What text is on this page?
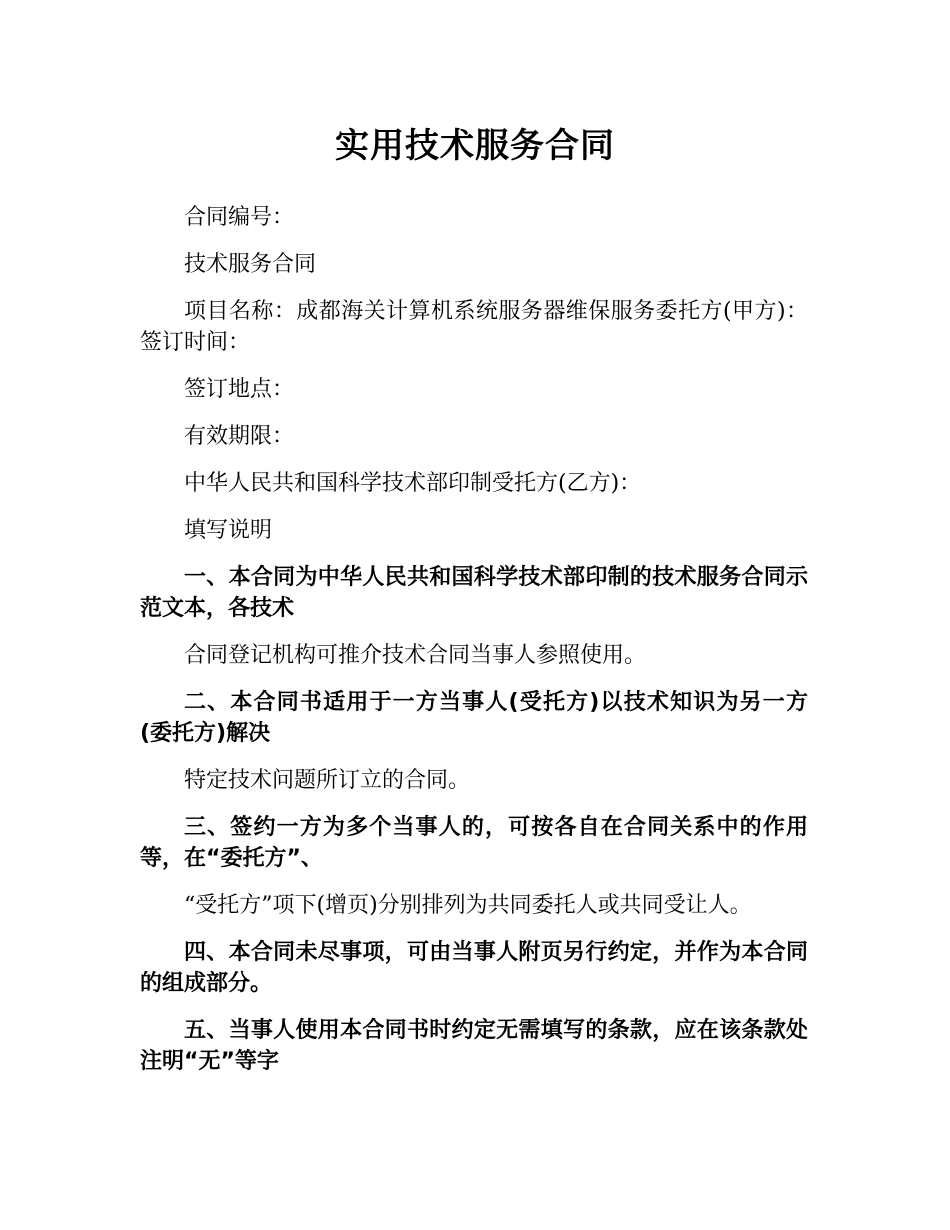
实用技术服务合同

合同编号：

技术服务合同

项目名称：成都海关计算机系统服务器维保服务委托方(甲方)：签订时间：

签订地点：

有效期限：

中华人民共和国科学技术部印制受托方(乙方)：

填写说明

一、本合同为中华人民共和国科学技术部印制的技术服务合同示范文本，各技术

合同登记机构可推介技术合同当事人参照使用。

二、本合同书适用于一方当事人(受托方)以技术知识为另一方(委托方)解决

特定技术问题所订立的合同。

三、签约一方为多个当事人的，可按各自在合同关系中的作用等，在“委托方”、

“受托方”项下(增页)分别排列为共同委托人或共同受让人。

四、本合同未尽事项，可由当事人附页另行约定，并作为本合同的组成部分。

五、当事人使用本合同书时约定无需填写的条款，应在该条款处注明“无”等字
